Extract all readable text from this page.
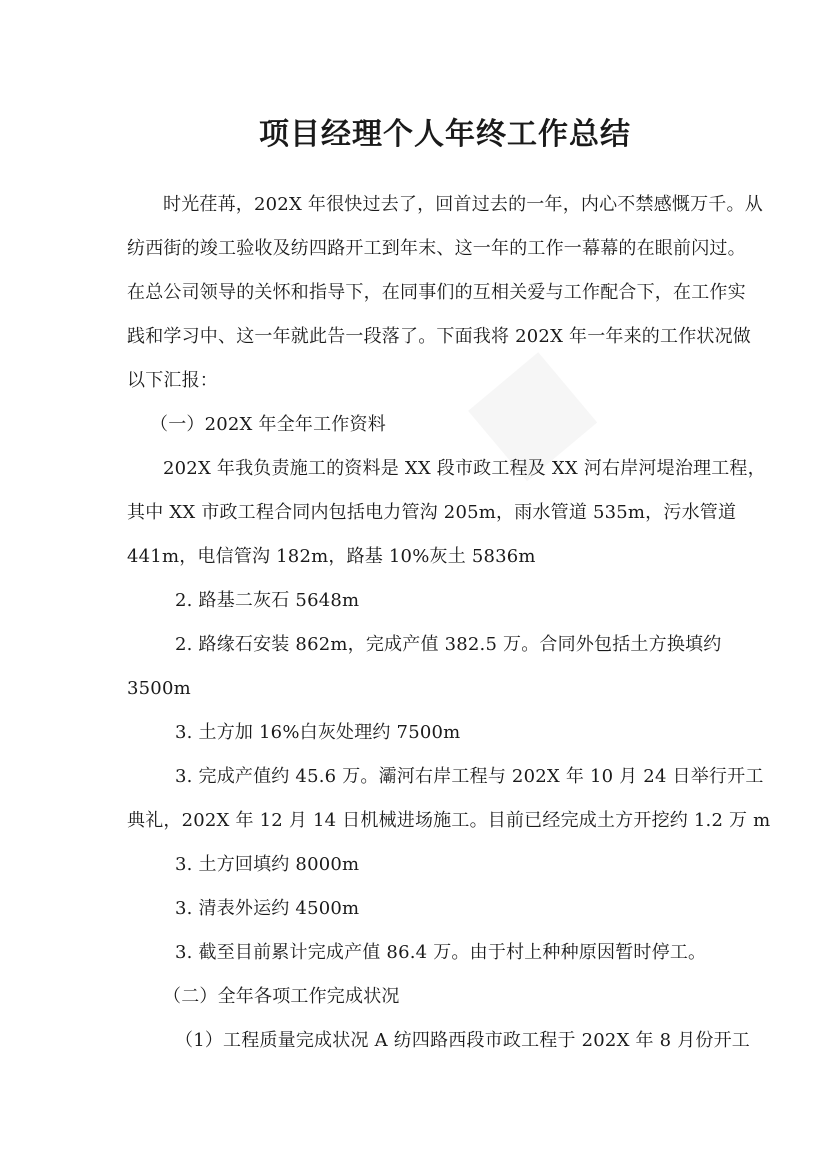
项目经理个人年终工作总结
时光荏苒，202X 年很快过去了，回首过去的一年，内心不禁感慨万千。从
纺西街的竣工验收及纺四路开工到年末、这一年的工作一幕幕的在眼前闪过。
在总公司领导的关怀和指导下，在同事们的互相关爱与工作配合下，在工作实
践和学习中、这一年就此告一段落了。下面我将 202X 年一年来的工作状况做
以下汇报：
（一）202X 年全年工作资料
202X 年我负责施工的资料是 XX 段市政工程及 XX 河右岸河堤治理工程，
其中 XX 市政工程合同内包括电力管沟 205m，雨水管道 535m，污水管道
441m，电信管沟 182m，路基 10%灰土 5836m
2. 路基二灰石 5648m
2. 路缘石安装 862m，完成产值 382.5 万。合同外包括土方换填约
3500m
3. 土方加 16%白灰处理约 7500m
3. 完成产值约 45.6 万。灞河右岸工程与 202X 年 10 月 24 日举行开工
典礼，202X 年 12 月 14 日机械进场施工。目前已经完成土方开挖约 1.2 万 m
3. 土方回填约 8000m
3. 清表外运约 4500m
3. 截至目前累计完成产值 86.4 万。由于村上种种原因暂时停工。
（二）全年各项工作完成状况
（1）工程质量完成状况 A 纺四路西段市政工程于 202X 年 8 月份开工
